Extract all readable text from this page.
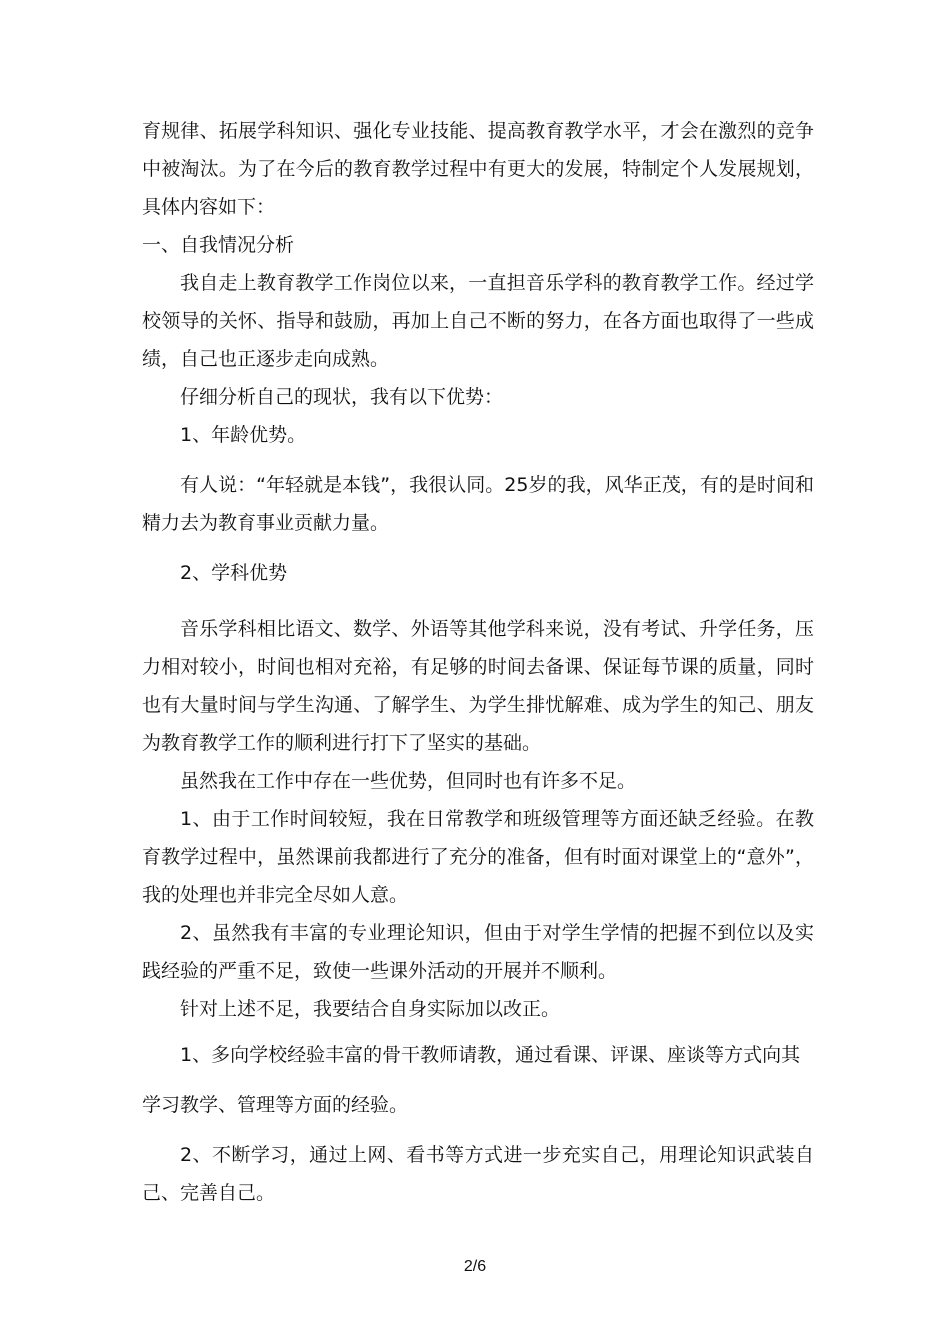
育规律、拓展学科知识、强化专业技能、提高教育教学水平，才会在激烈的竞争中被淘汰。为了在今后的教育教学过程中有更大的发展，特制定个人发展规划，具体内容如下：

一、自我情况分析

我自走上教育教学工作岗位以来，一直担音乐学科的教育教学工作。经过学校领导的关怀、指导和鼓励，再加上自己不断的努力，在各方面也取得了一些成绩，自己也正逐步走向成熟。

仔细分析自己的现状，我有以下优势：

1、年龄优势。

有人说：“年轻就是本钱”，我很认同。25岁的我，风华正茂，有的是时间和精力去为教育事业贡献力量。

2、学科优势

音乐学科相比语文、数学、外语等其他学科来说，没有考试、升学任务，压力相对较小，时间也相对充裕，有足够的时间去备课、保证每节课的质量，同时也有大量时间与学生沟通、了解学生、为学生排忧解难、成为学生的知己、朋友为教育教学工作的顺利进行打下了坚实的基础。

虽然我在工作中存在一些优势，但同时也有许多不足。

1、由于工作时间较短，我在日常教学和班级管理等方面还缺乏经验。在教育教学过程中，虽然课前我都进行了充分的准备，但有时面对课堂上的“意外”，我的处理也并非完全尽如人意。

2、虽然我有丰富的专业理论知识，但由于对学生学情的把握不到位以及实践经验的严重不足，致使一些课外活动的开展并不顺利。

针对上述不足，我要结合自身实际加以改正。

1、多向学校经验丰富的骨干教师请教，通过看课、评课、座谈等方式向其

学习教学、管理等方面的经验。

2、不断学习，通过上网、看书等方式进一步充实自己，用理论知识武装自己、完善自己。

2/6
